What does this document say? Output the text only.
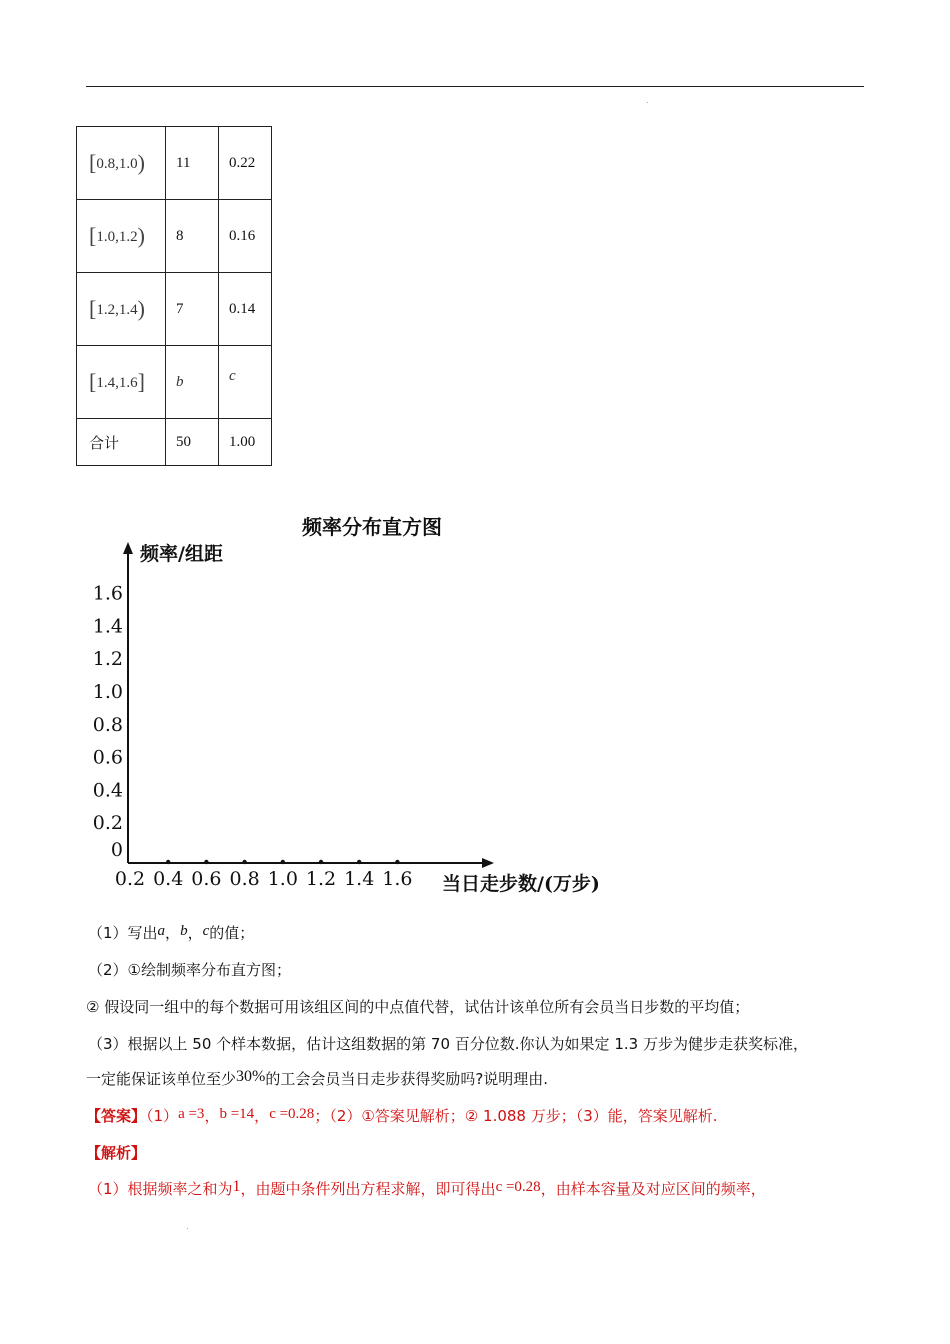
.
[0.8,1.0)	11	0.22
[1.0,1.2)	8	0.16
[1.2,1.4)	7	0.14
[1.4,1.6]	b	c
合计	50	1.00
频率分布直方图
频率/组距
当日走步数/(万步)
0
0.2
0.4
0.6
0.8
1.0
1.2
1.4
1.6
0.2 0.4 0.6 0.8 1.0 1.2 1.4 1.6
（1）写出a，b，c的值；
（2）①绘制频率分布直方图；
② 假设同一组中的每个数据可用该组区间的中点值代替，试估计该单位所有会员当日步数的平均值；
（3）根据以上 50 个样本数据，估计这组数据的第 70 百分位数.你认为如果定 1.3 万步为健步走获奖标准，
一定能保证该单位至少30%的工会会员当日走步获得奖励吗?说明理由.
【答案】（1）a =3，b =14，c =0.28；（2）①答案见解析；② 1.088 万步；（3）能，答案见解析.
【解析】
（1）根据频率之和为1，由题中条件列出方程求解，即可得出c =0.28，由样本容量及对应区间的频率，
.
